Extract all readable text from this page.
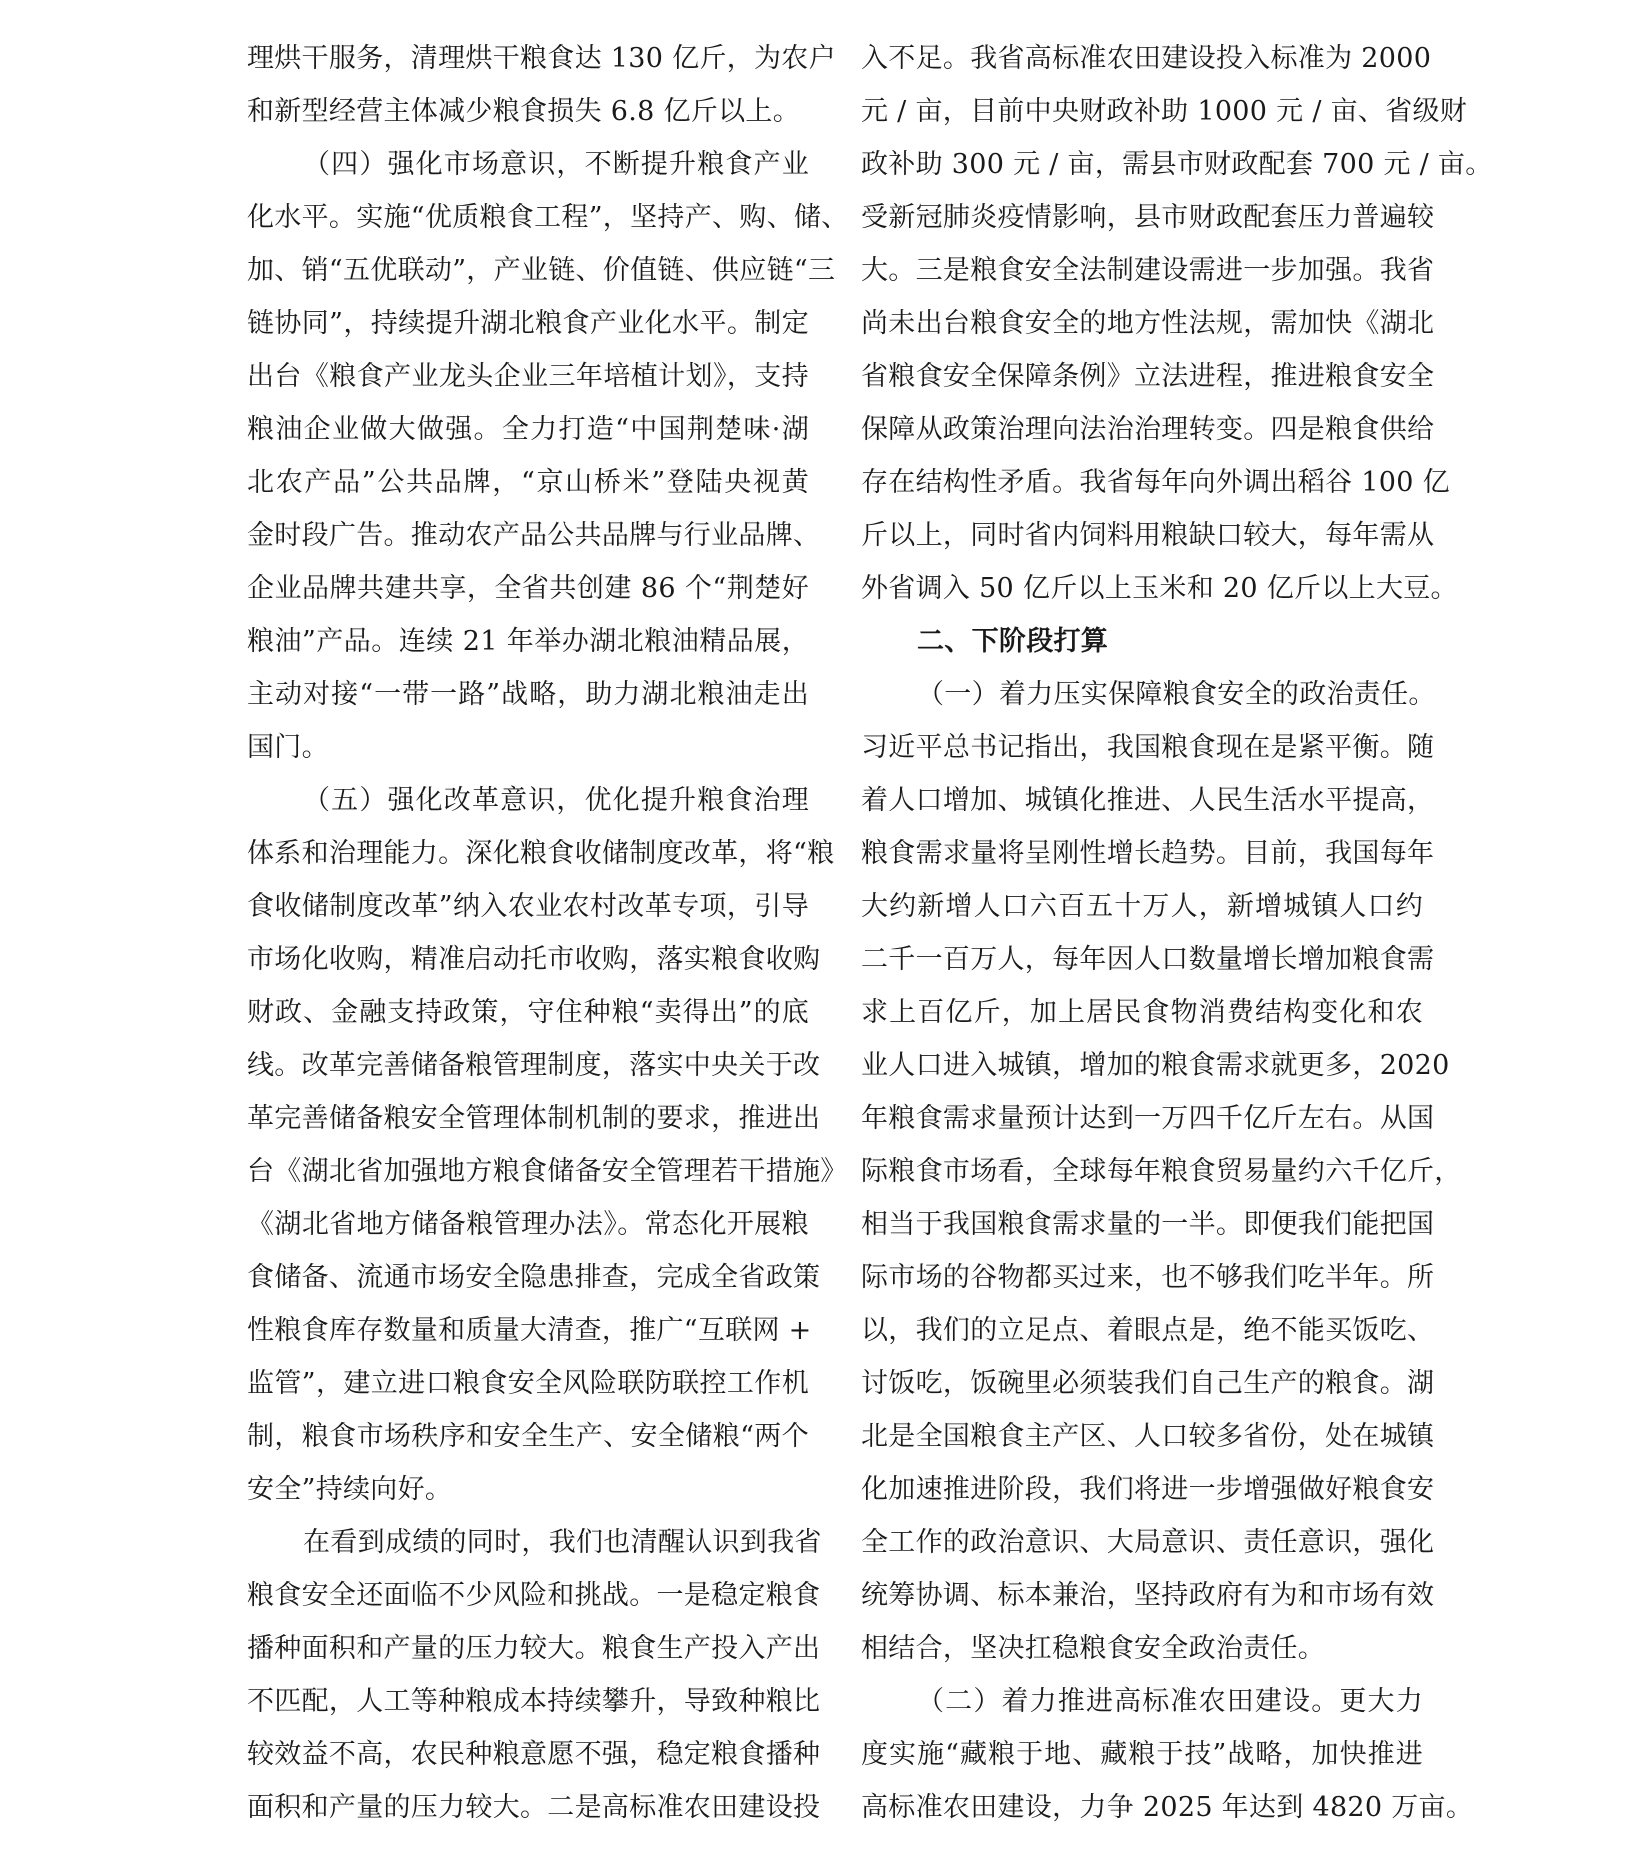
理烘干服务，清理烘干粮食达 130 亿斤，为农户
和新型经营主体减少粮食损失 6.8 亿斤以上。
（四）强化市场意识，不断提升粮食产业
化水平。实施“优质粮食工程”，坚持产、购、储、
加、销“五优联动”，产业链、价值链、供应链“三
链协同”，持续提升湖北粮食产业化水平。制定
出台《粮食产业龙头企业三年培植计划》，支持
粮油企业做大做强。全力打造“中国荆楚味·湖
北农产品”公共品牌，“京山桥米”登陆央视黄
金时段广告。推动农产品公共品牌与行业品牌、
企业品牌共建共享，全省共创建 86 个“荆楚好
粮油”产品。连续 21 年举办湖北粮油精品展，
主动对接“一带一路”战略，助力湖北粮油走出
国门。
（五）强化改革意识，优化提升粮食治理
体系和治理能力。深化粮食收储制度改革，将“粮
食收储制度改革”纳入农业农村改革专项，引导
市场化收购，精准启动托市收购，落实粮食收购
财政、金融支持政策，守住种粮“卖得出”的底
线。改革完善储备粮管理制度，落实中央关于改
革完善储备粮安全管理体制机制的要求，推进出
台《湖北省加强地方粮食储备安全管理若干措施》
《湖北省地方储备粮管理办法》。常态化开展粮
食储备、流通市场安全隐患排查，完成全省政策
性粮食库存数量和质量大清查，推广“互联网 +
监管”，建立进口粮食安全风险联防联控工作机
制，粮食市场秩序和安全生产、安全储粮“两个
安全”持续向好。
在看到成绩的同时，我们也清醒认识到我省
粮食安全还面临不少风险和挑战。一是稳定粮食
播种面积和产量的压力较大。粮食生产投入产出
不匹配，人工等种粮成本持续攀升，导致种粮比
较效益不高，农民种粮意愿不强，稳定粮食播种
面积和产量的压力较大。二是高标准农田建设投
入不足。我省高标准农田建设投入标准为 2000
元 / 亩，目前中央财政补助 1000 元 / 亩、省级财
政补助 300 元 / 亩，需县市财政配套 700 元 / 亩。
受新冠肺炎疫情影响，县市财政配套压力普遍较
大。三是粮食安全法制建设需进一步加强。我省
尚未出台粮食安全的地方性法规，需加快《湖北
省粮食安全保障条例》立法进程，推进粮食安全
保障从政策治理向法治治理转变。四是粮食供给
存在结构性矛盾。我省每年向外调出稻谷 100 亿
斤以上，同时省内饲料用粮缺口较大，每年需从
外省调入 50 亿斤以上玉米和 20 亿斤以上大豆。
二、下阶段打算
（一）着力压实保障粮食安全的政治责任。
习近平总书记指出，我国粮食现在是紧平衡。随
着人口增加、城镇化推进、人民生活水平提高，
粮食需求量将呈刚性增长趋势。目前，我国每年
大约新增人口六百五十万人，新增城镇人口约
二千一百万人，每年因人口数量增长增加粮食需
求上百亿斤，加上居民食物消费结构变化和农
业人口进入城镇，增加的粮食需求就更多，2020
年粮食需求量预计达到一万四千亿斤左右。从国
际粮食市场看，全球每年粮食贸易量约六千亿斤，
相当于我国粮食需求量的一半。即便我们能把国
际市场的谷物都买过来，也不够我们吃半年。所
以，我们的立足点、着眼点是，绝不能买饭吃、
讨饭吃，饭碗里必须装我们自己生产的粮食。湖
北是全国粮食主产区、人口较多省份，处在城镇
化加速推进阶段，我们将进一步增强做好粮食安
全工作的政治意识、大局意识、责任意识，强化
统筹协调、标本兼治，坚持政府有为和市场有效
相结合，坚决扛稳粮食安全政治责任。
（二）着力推进高标准农田建设。更大力
度实施“藏粮于地、藏粮于技”战略，加快推进
高标准农田建设，力争 2025 年达到 4820 万亩。
